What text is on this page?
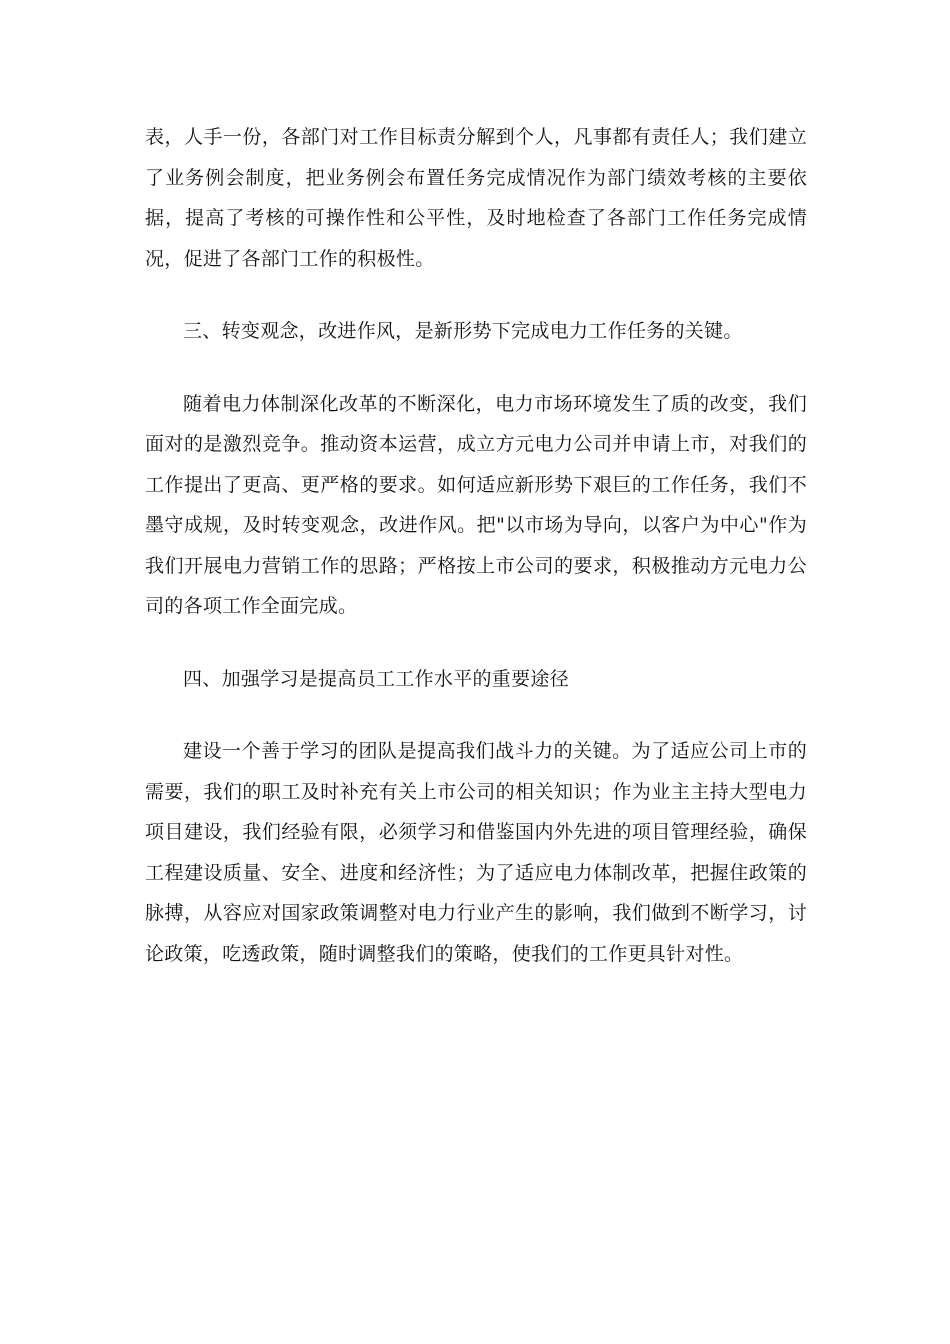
表，人手一份，各部门对工作目标责分解到个人，凡事都有责任人；我们建立了业务例会制度，把业务例会布置任务完成情况作为部门绩效考核的主要依据，提高了考核的可操作性和公平性，及时地检查了各部门工作任务完成情况，促进了各部门工作的积极性。

三、转变观念，改进作风，是新形势下完成电力工作任务的关键。

随着电力体制深化改革的不断深化，电力市场环境发生了质的改变，我们面对的是激烈竞争。推动资本运营，成立方元电力公司并申请上市，对我们的工作提出了更高、更严格的要求。如何适应新形势下艰巨的工作任务，我们不墨守成规，及时转变观念，改进作风。把"以市场为导向，以客户为中心"作为我们开展电力营销工作的思路；严格按上市公司的要求，积极推动方元电力公司的各项工作全面完成。

四、加强学习是提高员工工作水平的重要途径

建设一个善于学习的团队是提高我们战斗力的关键。为了适应公司上市的需要，我们的职工及时补充有关上市公司的相关知识；作为业主主持大型电力项目建设，我们经验有限，必须学习和借鉴国内外先进的项目管理经验，确保工程建设质量、安全、进度和经济性；为了适应电力体制改革，把握住政策的脉搏，从容应对国家政策调整对电力行业产生的影响，我们做到不断学习，讨论政策，吃透政策，随时调整我们的策略，使我们的工作更具针对性。
